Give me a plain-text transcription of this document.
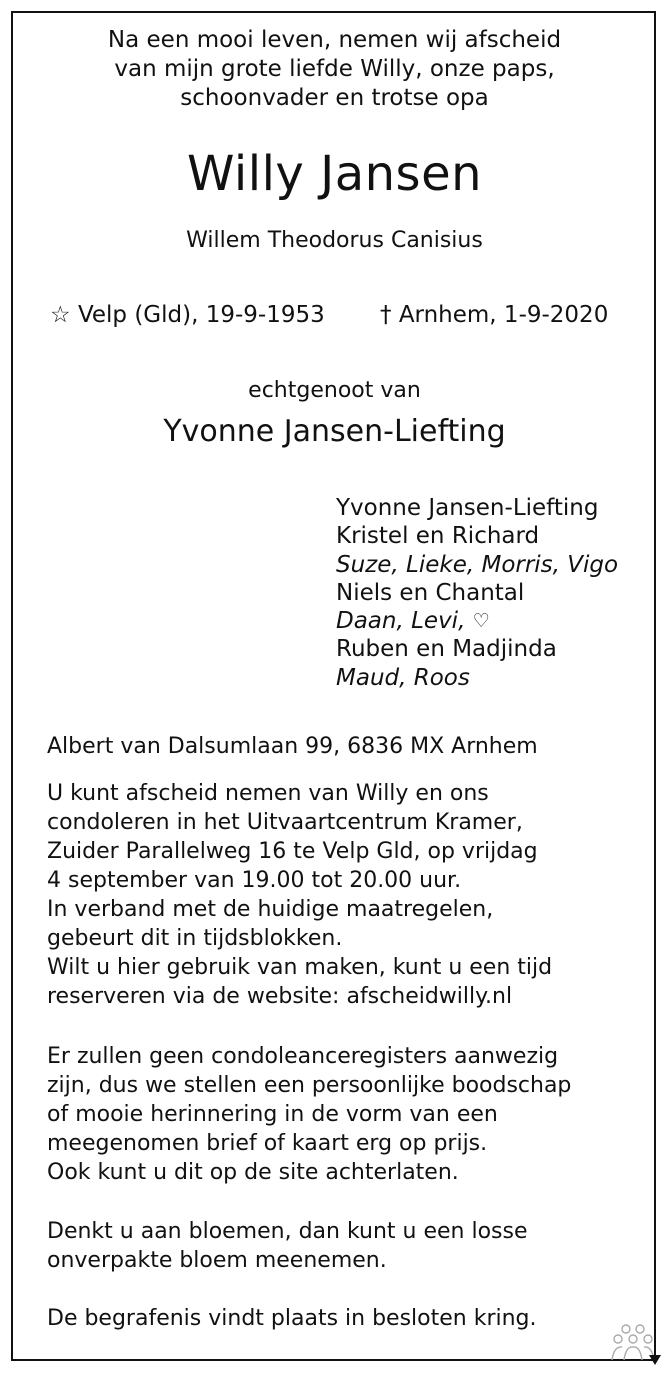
Na een mooi leven, nemen wij afscheid
van mijn grote liefde Willy, onze paps,
schoonvader en trotse opa
Willy Jansen
Willem Theodorus Canisius
☆ Velp (Gld), 19-9-1953 † Arnhem, 1-9-2020
echtgenoot van
Yvonne Jansen-Liefting
Yvonne Jansen-Liefting
Kristel en Richard
Suze, Lieke, Morris, Vigo
Niels en Chantal
Daan, Levi, ♡
Ruben en Madjinda
Maud, Roos
Albert van Dalsumlaan 99, 6836 MX Arnhem
U kunt afscheid nemen van Willy en ons
condoleren in het Uitvaartcentrum Kramer,
Zuider Parallelweg 16 te Velp Gld, op vrijdag
4 september van 19.00 tot 20.00 uur.
In verband met de huidige maatregelen,
gebeurt dit in tijdsblokken.
Wilt u hier gebruik van maken, kunt u een tijd
reserveren via de website: afscheidwilly.nl
Er zullen geen condoleanceregisters aanwezig
zijn, dus we stellen een persoonlijke boodschap
of mooie herinnering in de vorm van een
meegenomen brief of kaart erg op prijs.
Ook kunt u dit op de site achterlaten.
Denkt u aan bloemen, dan kunt u een losse
onverpakte bloem meenemen.
De begrafenis vindt plaats in besloten kring.
